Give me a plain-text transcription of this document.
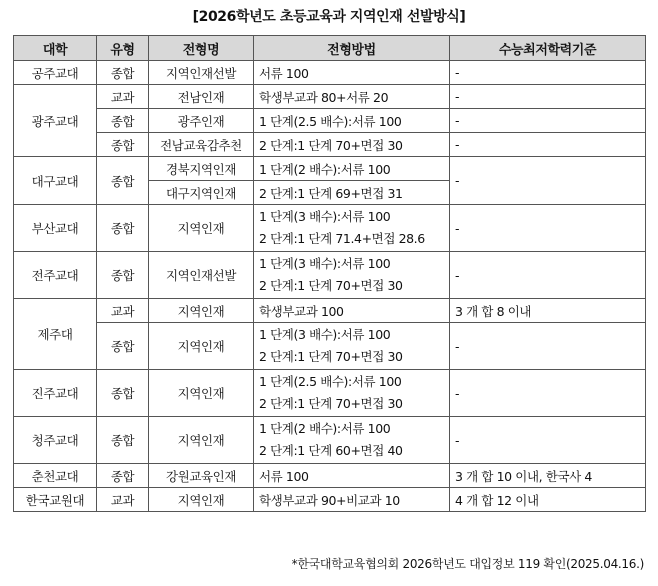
[2026학년도 초등교육과 지역인재 선발방식]
대학	유형	전형명	전형방법	수능최저학력기준
공주교대	종합	지역인재선발	서류 100	-
광주교대	교과	전남인재	학생부교과 80+서류 20	-
	종합	광주인재	1 단계(2.5 배수):서류 100	-
	종합	전남교육감추천	2 단계:1 단계 70+면접 30	-
대구교대	종합	경북지역인재	1 단계(2 배수):서류 100	-
		대구지역인재	2 단계:1 단계 69+면접 31	
부산교대	종합	지역인재	1 단계(3 배수):서류 100
2 단계:1 단계 71.4+면접 28.6	-
전주교대	종합	지역인재선발	1 단계(3 배수):서류 100
2 단계:1 단계 70+면접 30	-
제주대	교과	지역인재	학생부교과 100	3 개 합 8 이내
	종합	지역인재	1 단계(3 배수):서류 100
2 단계:1 단계 70+면접 30	-
진주교대	종합	지역인재	1 단계(2.5 배수):서류 100
2 단계:1 단계 70+면접 30	-
청주교대	종합	지역인재	1 단계(2 배수):서류 100
2 단계:1 단계 60+면접 40	-
춘천교대	종합	강원교육인재	서류 100	3 개 합 10 이내, 한국사 4
한국교원대	교과	지역인재	학생부교과 90+비교과 10	4 개 합 12 이내
*한국대학교육협의회 2026학년도 대입정보 119 확인(2025.04.16.)
